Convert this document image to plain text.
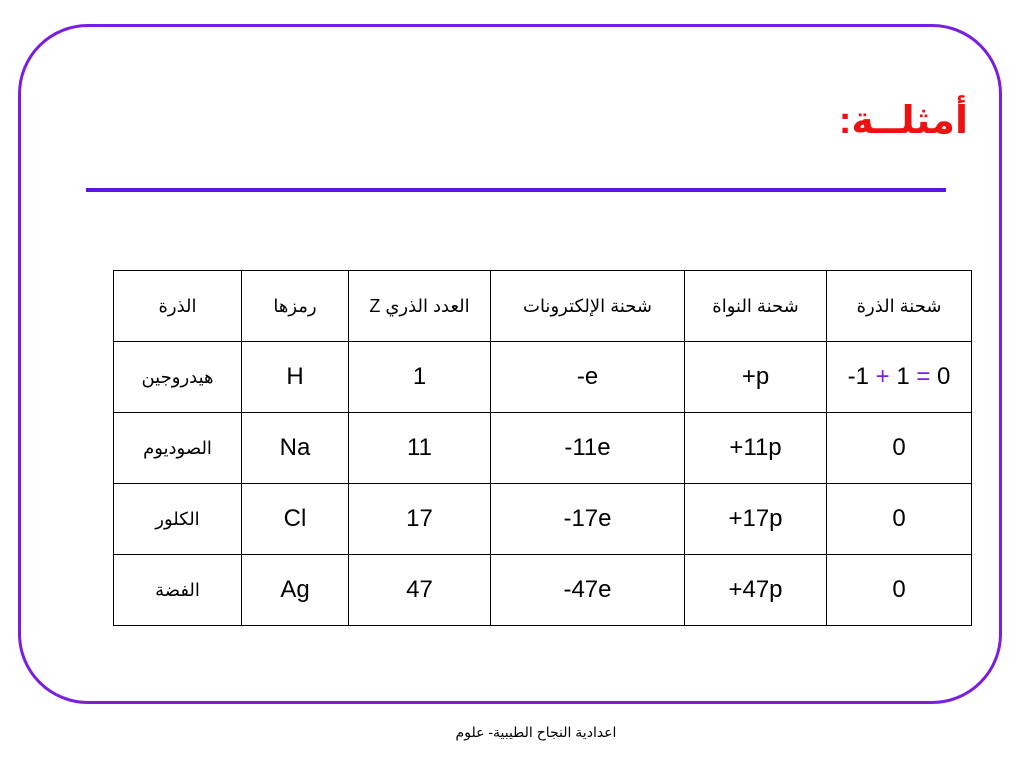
أمثلــة:
الذرة	رمزها	العدد الذري Z	شحنة الإلكترونات	شحنة النواة	شحنة الذرة
هيدروجين	H	1	-e	+p	-1 + 1 = 0
الصوديوم	Na	11	-11e	+11p	0
الكلور	Cl	17	-17e	+17p	0
الفضة	Ag	47	-47e	+47p	0
اعدادية النجاح الطيبية- علوم
